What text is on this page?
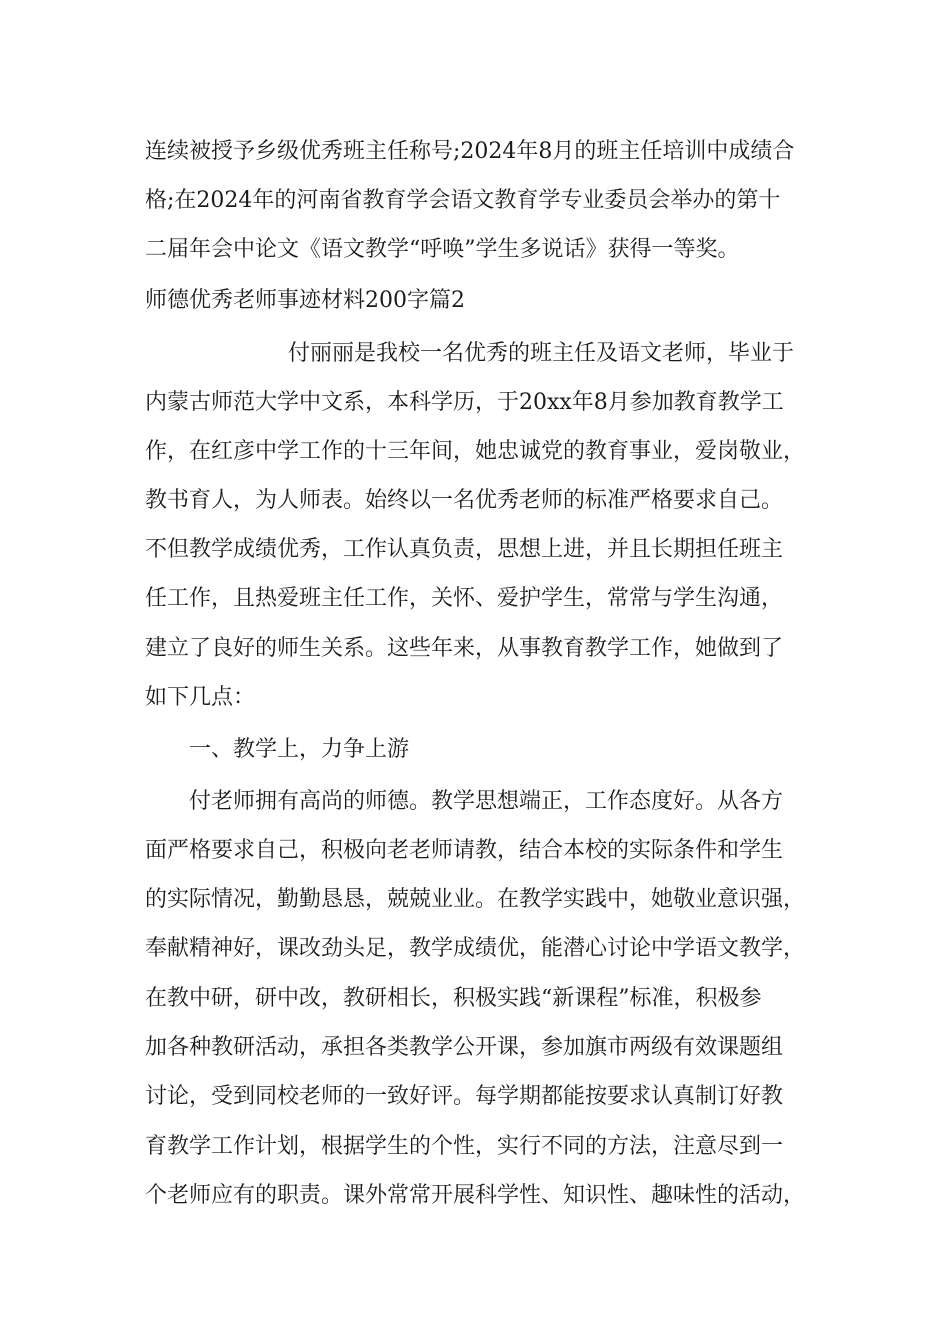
连续被授予乡级优秀班主任称号;2024年8月的班主任培训中成绩合
格;在2024年的河南省教育学会语文教育学专业委员会举办的第十
二届年会中论文《语文教学“呼唤”学生多说话》获得一等奖。
师德优秀老师事迹材料200字篇2
付丽丽是我校一名优秀的班主任及语文老师，毕业于
内蒙古师范大学中文系，本科学历，于20xx年8月参加教育教学工
作，在红彦中学工作的十三年间，她忠诚党的教育事业，爱岗敬业，
教书育人，为人师表。始终以一名优秀老师的标准严格要求自己。
不但教学成绩优秀，工作认真负责，思想上进，并且长期担任班主
任工作，且热爱班主任工作，关怀、爱护学生，常常与学生沟通，
建立了良好的师生关系。这些年来，从事教育教学工作，她做到了
如下几点：
一、教学上，力争上游
付老师拥有高尚的师德。教学思想端正，工作态度好。从各方
面严格要求自己，积极向老老师请教，结合本校的实际条件和学生
的实际情况，勤勤恳恳，兢兢业业。在教学实践中，她敬业意识强，
奉献精神好，课改劲头足，教学成绩优，能潜心讨论中学语文教学，
在教中研，研中改，教研相长，积极实践“新课程”标准，积极参
加各种教研活动，承担各类教学公开课，参加旗市两级有效课题组
讨论，受到同校老师的一致好评。每学期都能按要求认真制订好教
育教学工作计划，根据学生的个性，实行不同的方法，注意尽到一
个老师应有的职责。课外常常开展科学性、知识性、趣味性的活动，
